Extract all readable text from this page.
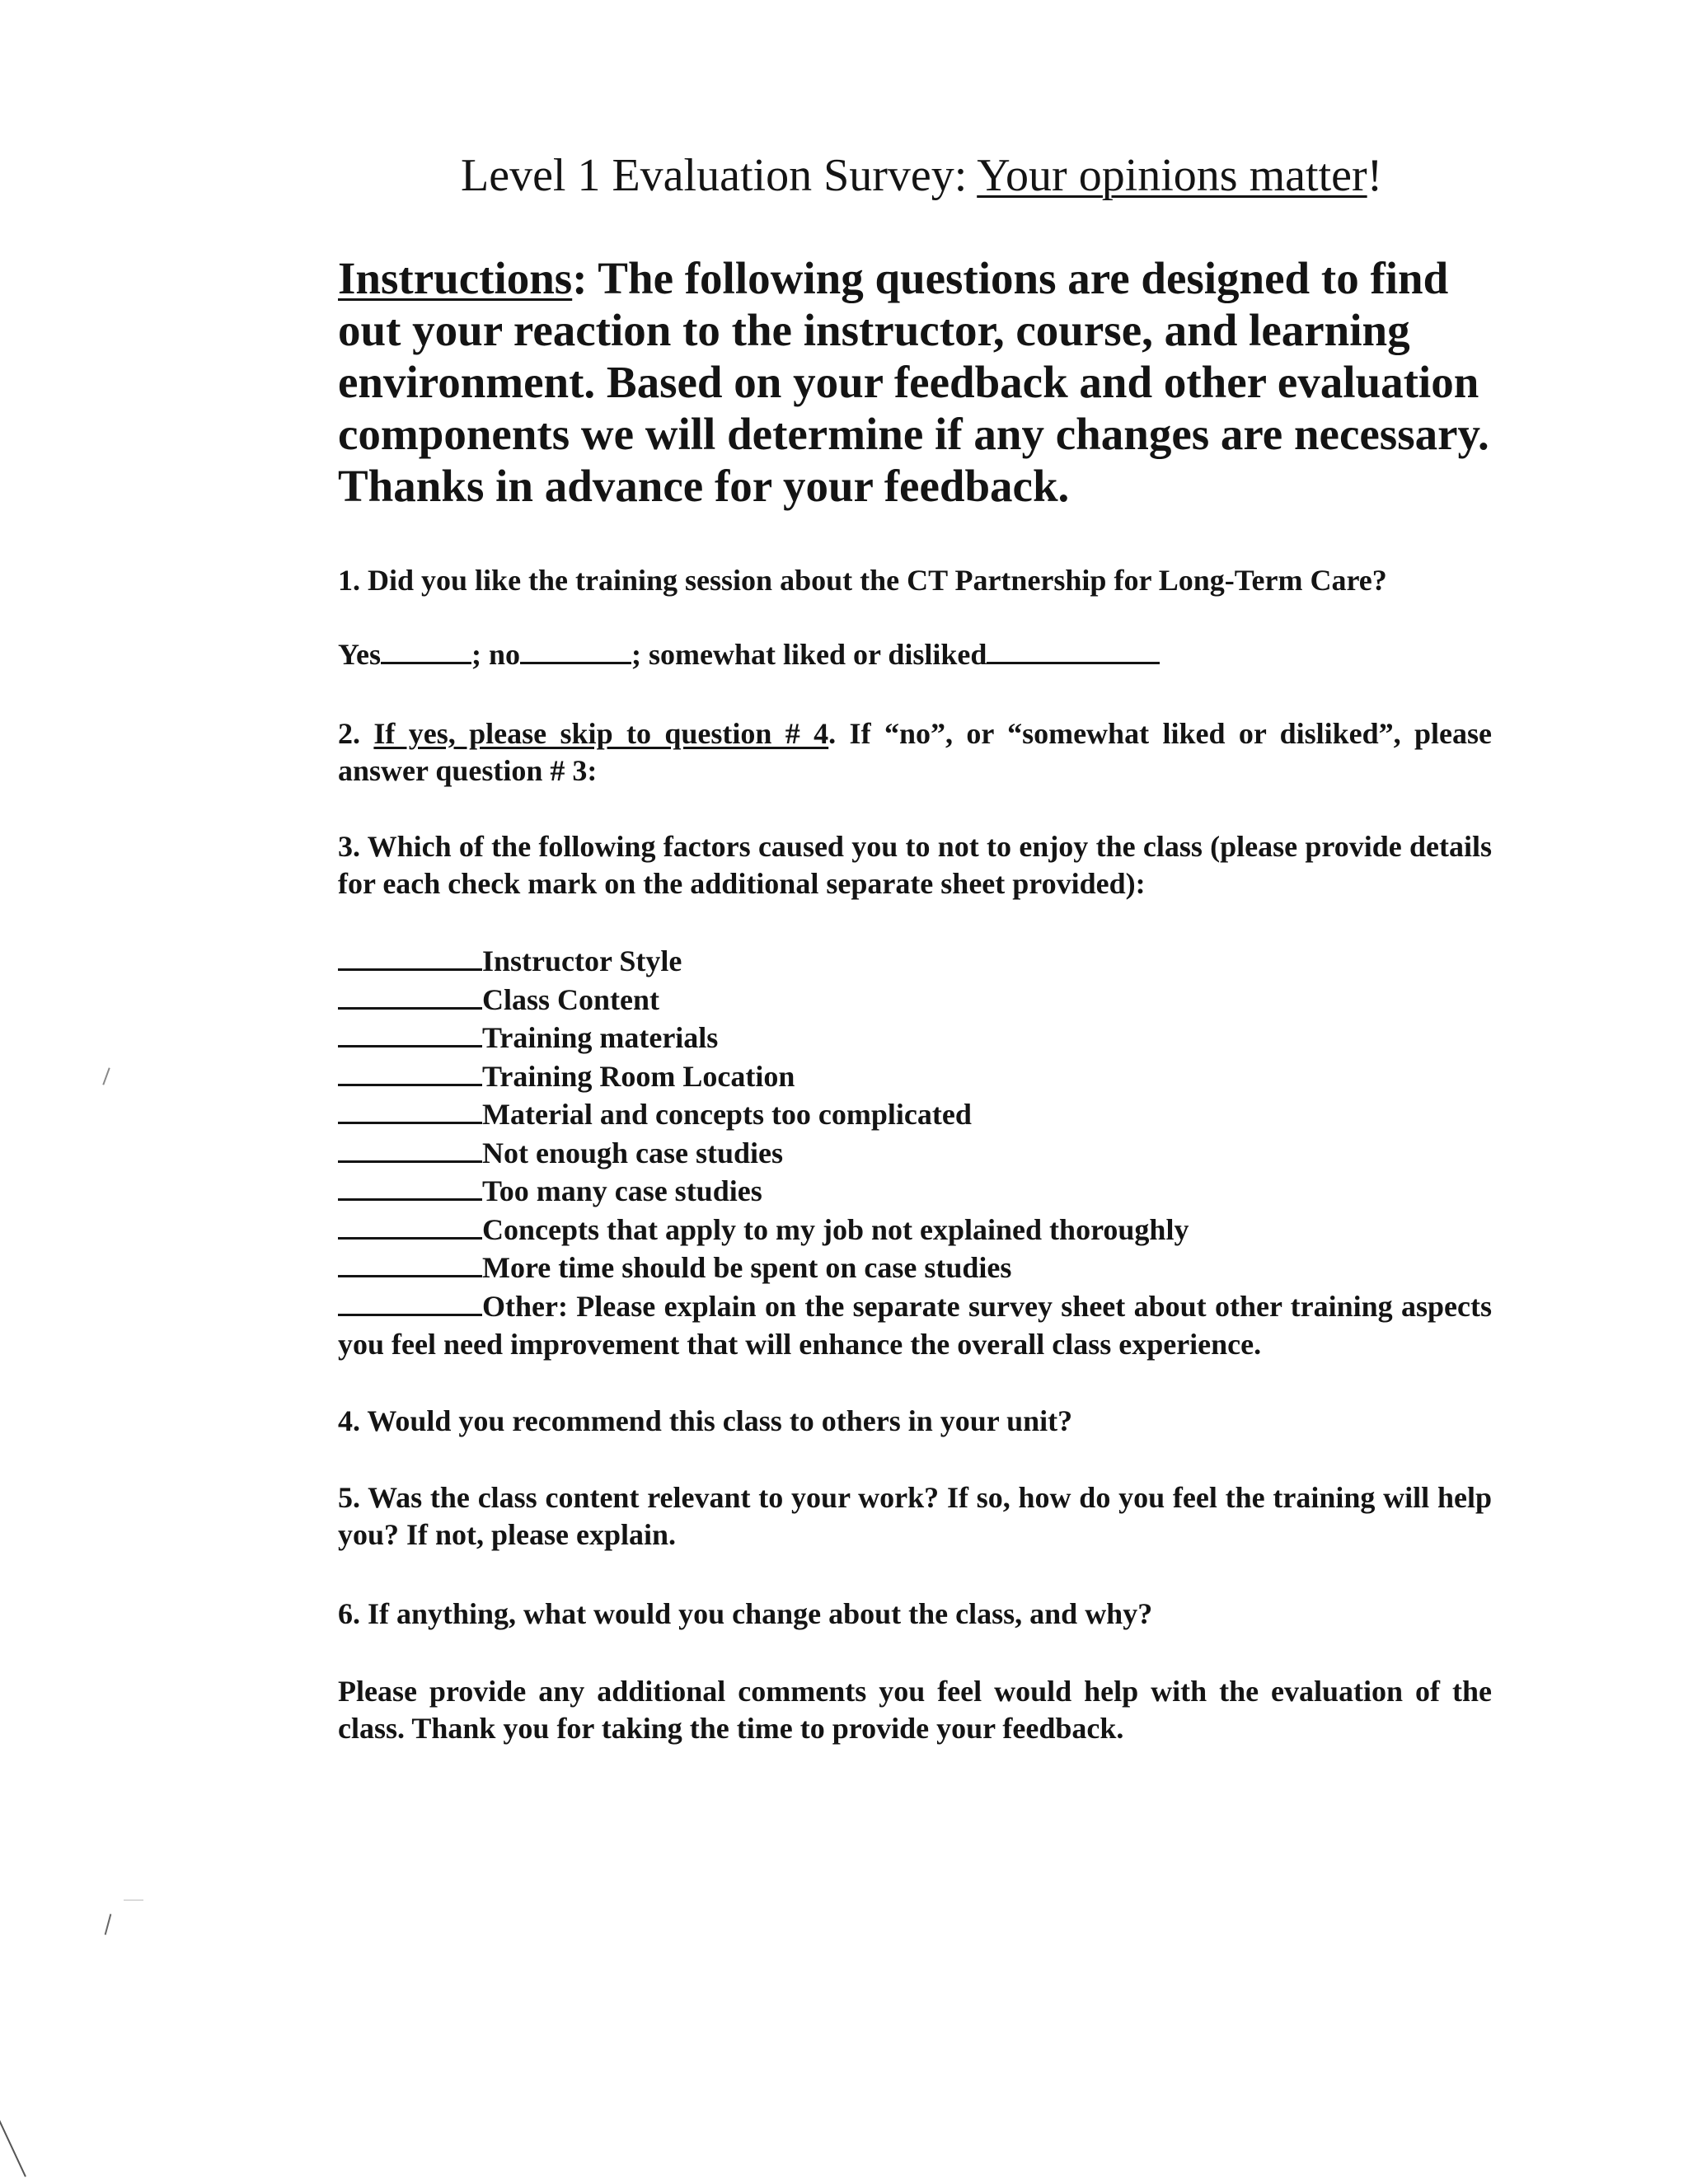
Level 1 Evaluation Survey: Your opinions matter!
Instructions: The following questions are designed to find out your reaction to the instructor, course, and learning environment. Based on your feedback and other evaluation components we will determine if any changes are necessary. Thanks in advance for your feedback.
1. Did you like the training session about the CT Partnership for Long-Term Care?
Yes	; no	; somewhat liked or disliked
2. If yes, please skip to question # 4. If “no”, or “somewhat liked or disliked”, please answer question # 3:
3. Which of the following factors caused you to not to enjoy the class (please provide details for each check mark on the additional separate sheet provided):
Instructor Style
Class Content
Training materials
Training Room Location
Material and concepts too complicated
Not enough case studies
Too many case studies
Concepts that apply to my job not explained thoroughly
More time should be spent on case studies
Other: Please explain on the separate survey sheet about other training aspects you feel need improvement that will enhance the overall class experience.
4. Would you recommend this class to others in your unit?
5. Was the class content relevant to your work? If so, how do you feel the training will help you? If not, please explain.
6. If anything, what would you change about the class, and why?
Please provide any additional comments you feel would help with the evaluation of the class. Thank you for taking the time to provide your feedback.
